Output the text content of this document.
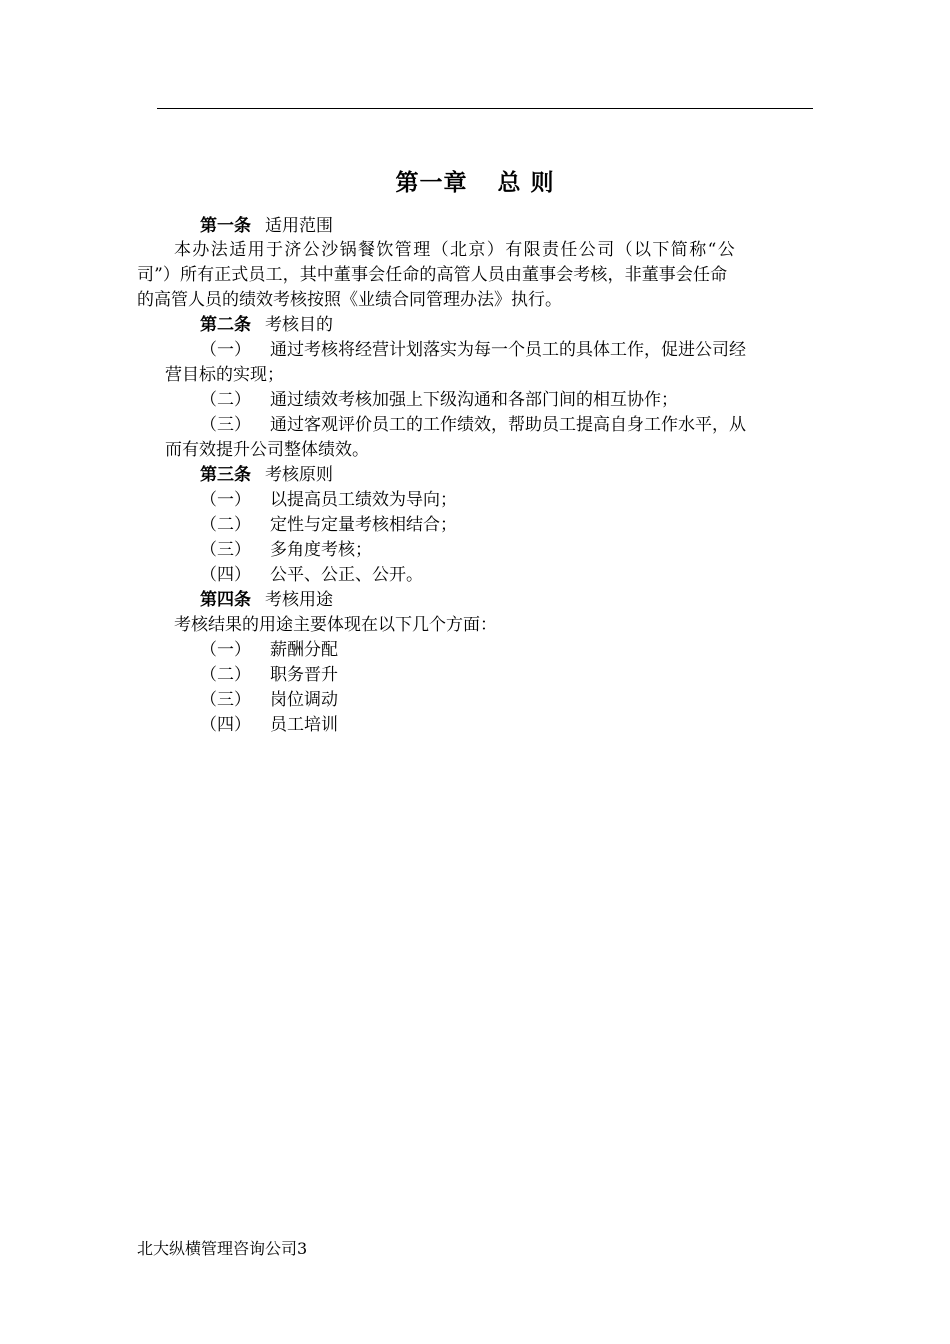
第一章 总 则
第一条 适用范围
本办法适用于济公沙锅餐饮管理（北京）有限责任公司（以下简称“公
司”）所有正式员工，其中董事会任命的高管人员由董事会考核，非董事会任命
的高管人员的绩效考核按照《业绩合同管理办法》执行。
第二条 考核目的
（一） 通过考核将经营计划落实为每一个员工的具体工作，促进公司经
营目标的实现；
（二） 通过绩效考核加强上下级沟通和各部门间的相互协作；
（三） 通过客观评价员工的工作绩效，帮助员工提高自身工作水平，从
而有效提升公司整体绩效。
第三条 考核原则
（一） 以提高员工绩效为导向；
（二） 定性与定量考核相结合；
（三） 多角度考核；
（四） 公平、公正、公开。
第四条 考核用途
考核结果的用途主要体现在以下几个方面：
（一） 薪酬分配
（二） 职务晋升
（三） 岗位调动
（四） 员工培训
北大纵横管理咨询公司3
